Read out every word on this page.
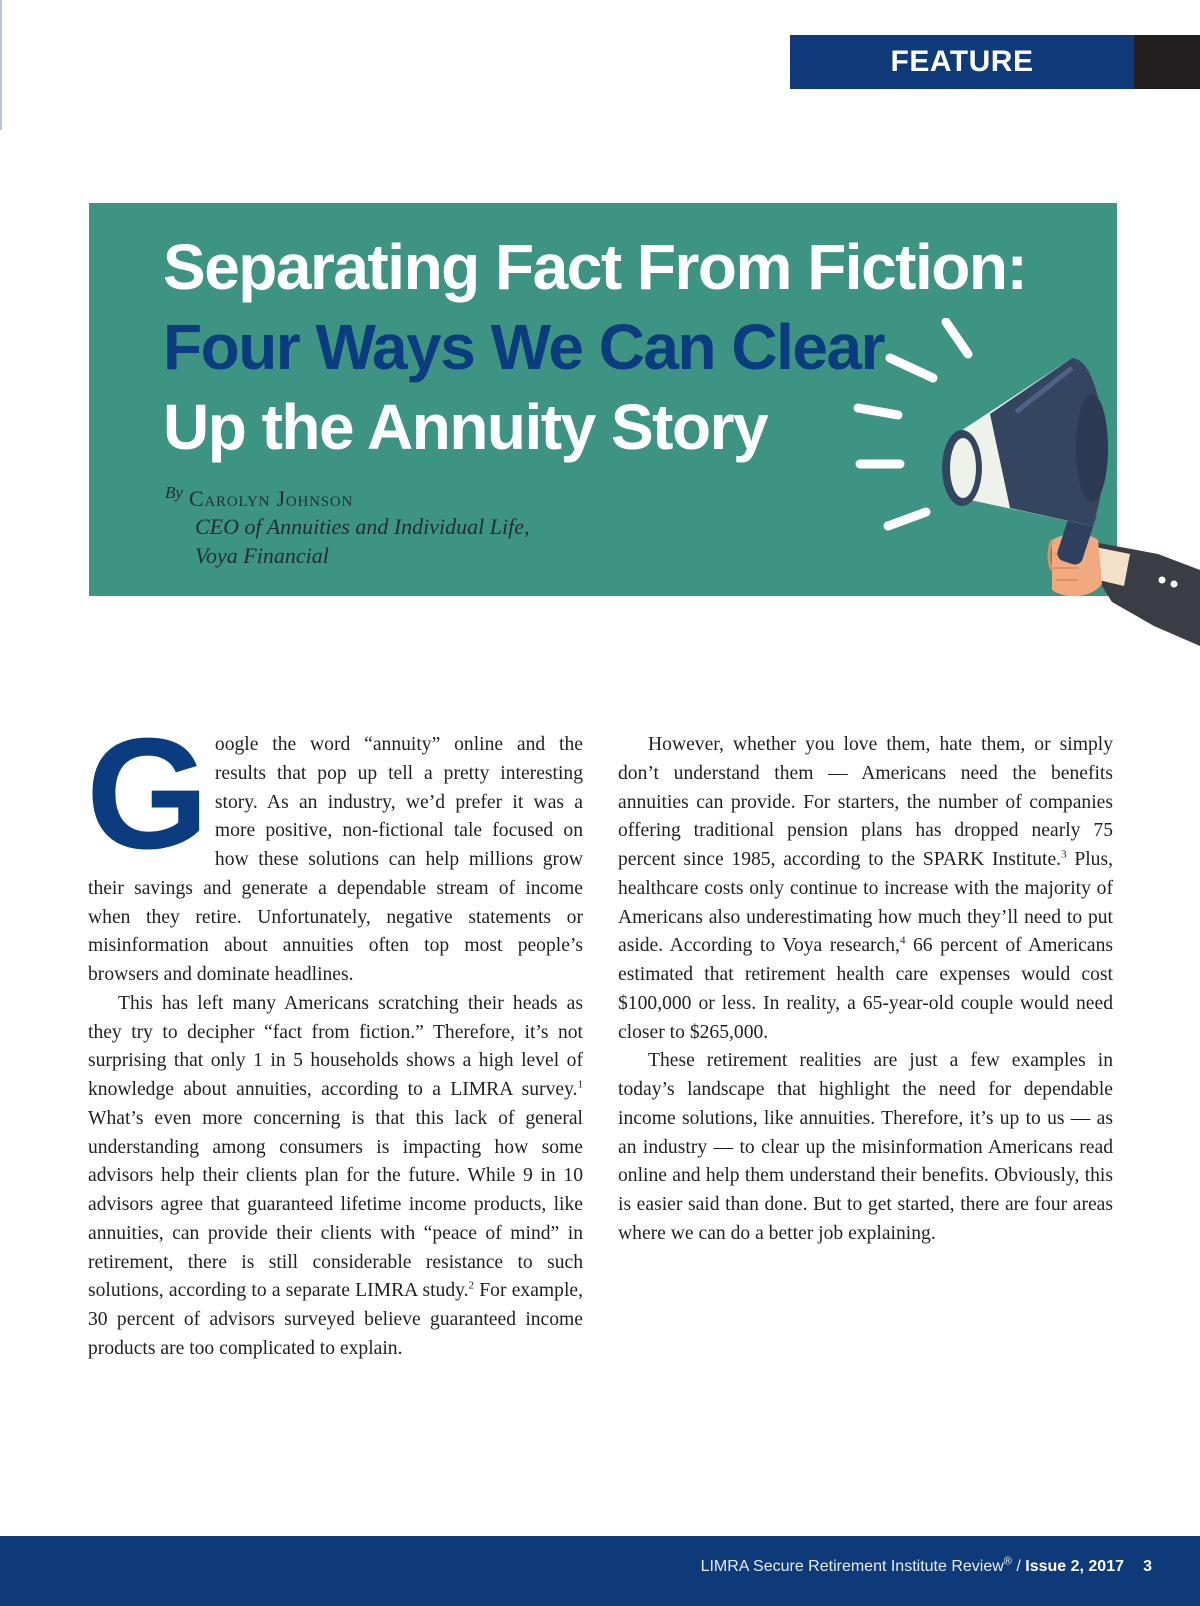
FEATURE
Separating Fact From Fiction:
Four Ways We Can Clear
Up the Annuity Story
By Carolyn Johnson
CEO of Annuities and Individual Life,
Voya Financial

Google the word “annuity” online and the results that pop up tell a pretty interesting story. As an industry, we’d prefer it was a more positive, non-fictional tale focused on how these solutions can help millions grow their savings and generate a dependable stream of income when they retire. Unfortunately, negative statements or misinformation about annuities often top most people’s browsers and dominate headlines.

This has left many Americans scratching their heads as they try to decipher “fact from fiction.” Therefore, it’s not surprising that only 1 in 5 households shows a high level of knowledge about annuities, according to a LIMRA survey.$^1$ What’s even more concerning is that this lack of general understanding among consumers is impacting how some advisors help their clients plan for the future. While 9 in 10 advisors agree that guaranteed lifetime income products, like annuities, can provide their clients with “peace of mind” in retirement, there is still considerable resistance to such solutions, according to a separate LIMRA study.$^2$ For example, 30 percent of advisors surveyed believe guaranteed income products are too complicated to explain.

However, whether you love them, hate them, or simply don’t understand them — Americans need the benefits annuities can provide. For starters, the number of companies offering traditional pension plans has dropped nearly 75 percent since 1985, according to the SPARK Institute.$^3$ Plus, healthcare costs only continue to increase with the majority of Americans also underestimating how much they’ll need to put aside. According to Voya research,$^4$ 66 percent of Americans estimated that retirement health care expenses would cost $100,000 or less. In reality, a 65-year-old couple would need closer to $265,000.

These retirement realities are just a few examples in today’s landscape that highlight the need for dependable income solutions, like annuities. Therefore, it’s up to us — as an industry — to clear up the misinformation Americans read online and help them understand their benefits. Obviously, this is easier said than done. But to get started, there are four areas where we can do a better job explaining.

LIMRA Secure Retirement Institute Review® / Issue 2, 2017 3
